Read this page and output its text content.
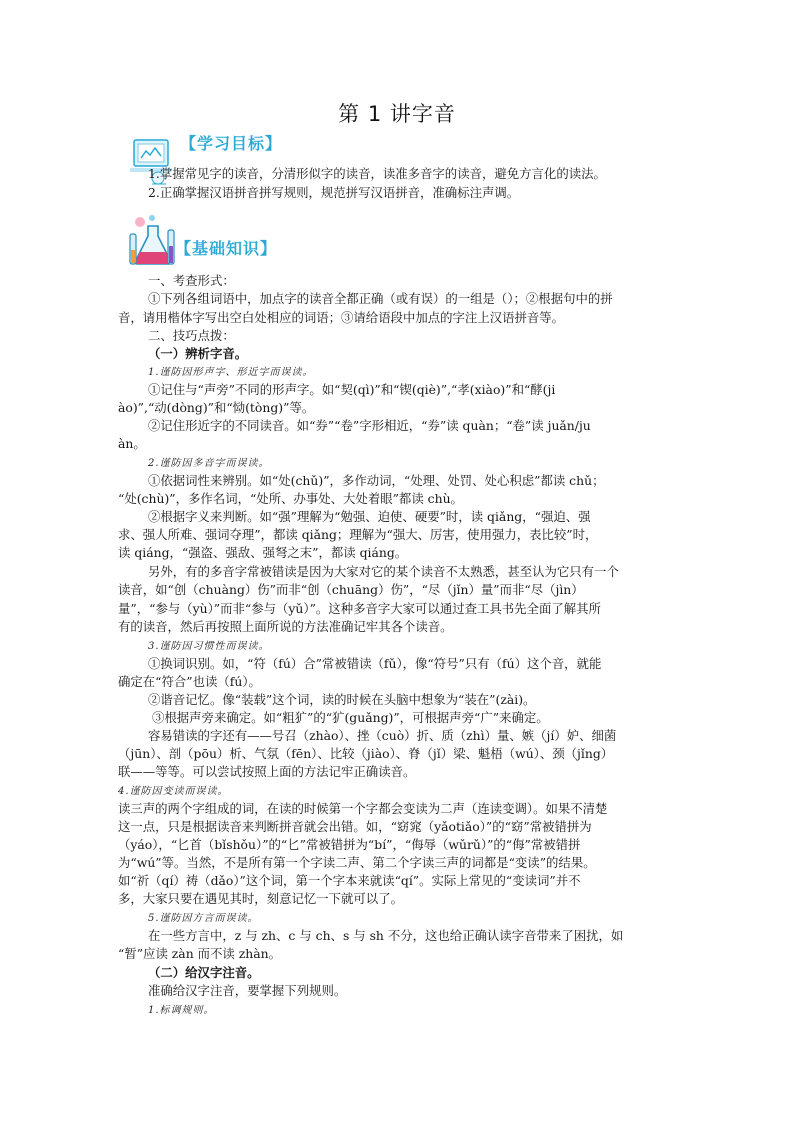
第 1 讲字音
【学习目标】
1.掌握常见字的读音，分清形似字的读音，读准多音字的读音，避免方言化的读法。
2.正确掌握汉语拼音拼写规则，规范拼写汉语拼音，准确标注声调。
【基础知识】
一、考查形式：
①下列各组词语中，加点字的读音全都正确（或有误）的一组是（）；②根据句中的拼
音，请用楷体字写出空白处相应的词语；③请给语段中加点的字注上汉语拼音等。
二、技巧点拨：
（一）辨析字音。
1.谨防因形声字、形近字而误读。
①记住与“声旁”不同的形声字。如“契(qì)”和“锲(qiè)”,“孝(xiào)”和“酵(ji
ào)”,“动(dòng)”和“恸(tòng)”等。
②记住形近字的不同读音。如“券”“卷”字形相近，“券”读 quàn；“卷”读 juǎn/ju
àn。
2.谨防因多音字而误读。
①依据词性来辨别。如“处(chǔ)”，多作动词，“处理、处罚、处心积虑”都读 chǔ；
“处(chù)”，多作名词，“处所、办事处、大处着眼”都读 chù。
②根据字义来判断。如“强”理解为“勉强、迫使、硬要”时，读 qiǎng，“强迫、强
求、强人所难、强词夺理”，都读 qiǎng；理解为“强大、厉害，使用强力，表比较”时，
读 qiáng，“强盗、强敌、强弩之末”，都读 qiáng。
另外，有的多音字常被错读是因为大家对它的某个读音不太熟悉，甚至认为它只有一个
读音，如“创（chuàng）伤”而非“创（chuāng）伤”，“尽（jǐn）量”而非“尽（jìn）
量”，“参与（yù）”而非“参与（yǔ）”。这种多音字大家可以通过查工具书先全面了解其所
有的读音，然后再按照上面所说的方法准确记牢其各个读音。
3.谨防因习惯性而误读。
①换词识别。如，“符（fú）合”常被错读（fǔ），像“符号”只有（fú）这个音，就能
确定在“符合”也读（fú）。
②谐音记忆。像“装载”这个词，读的时候在头脑中想象为“装在”(zài)。
③根据声旁来确定。如“粗犷”的“犷(guǎng)”，可根据声旁“广”来确定。
容易错读的字还有——号召（zhào）、挫（cuò）折、质（zhì）量、嫉（jí）妒、细菌
（jūn）、剖（pōu）析、气氛（fēn）、比较（jiào）、脊（jǐ）梁、魁梧（wú）、颈（jǐng）
联——等等。可以尝试按照上面的方法记牢正确读音。
4.谨防因变读而误读。
读三声的两个字组成的词，在读的时候第一个字都会变读为二声（连读变调）。如果不清楚
这一点，只是根据读音来判断拼音就会出错。如，“窈窕（yǎotiǎo）”的“窈”常被错拼为
（yáo），“匕首（bǐshǒu）”的“匕”常被错拼为“bí”，“侮辱（wǔrǔ）”的“侮”常被错拼
为“wú”等。当然，不是所有第一个字读二声、第二个字读三声的词都是“变读”的结果。
如“祈（qí）祷（dǎo）”这个词，第一个字本来就读“qí”。实际上常见的“变读词”并不
多，大家只要在遇见其时，刻意记忆一下就可以了。
5.谨防因方言而误读。
在一些方言中，z 与 zh、c 与 ch、s 与 sh 不分，这也给正确认读字音带来了困扰，如
“暂”应读 zàn 而不读 zhàn。
（二）给汉字注音。
准确给汉字注音，要掌握下列规则。
1.标调规则。
